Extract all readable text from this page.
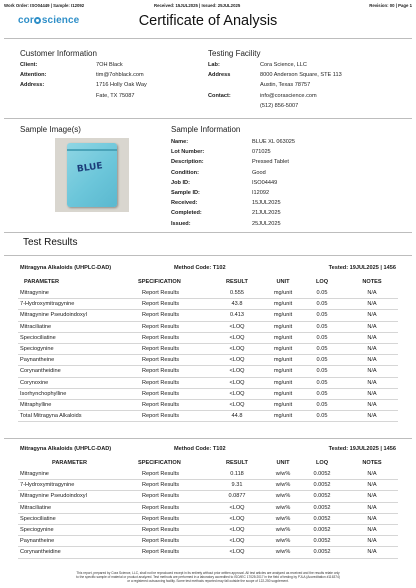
Work Order: ISO04449 | Sample: I12092	Received: 15JUL2025 | Issued: 25JUL2025	Revision: 00 | Page 1
cor science	Certificate of Analysis
Customer Information
Client:	7OH Black
Attention:	tim@7ohblack.com
Address:	1716 Holly Oak Way
Fate, TX 75087
Testing Facility
Lab:	Cora Science, LLC
Address	8000 Anderson Square, STE 113
Austin, Texas 78757
Contact:	info@corascience.com
(512) 856-5007
Sample Image(s)
BLUE
Sample Information
Name:	BLUE XL 063025
Lot Number:	071025
Description:	Pressed Tablet
Condition:	Good
Job ID:	ISO04449
Sample ID:	I12092
Received:	15JUL2025
Completed:	21JUL2025
Issued:	25JUL2025
Test Results
Mitragyna Alkaloids (UHPLC-DAD)	Method Code: T102	Tested: 19JUL2025 | 1456
PARAMETER	SPECIFICATION	RESULT	UNIT	LOQ	NOTES
Mitragynine	Report Results	0.555	mg/unit	0.05	N/A
7-Hydroxymitragynine	Report Results	43.8	mg/unit	0.05	N/A
Mitragynine Pseudoindoxyl	Report Results	0.413	mg/unit	0.05	N/A
Mitraciliatine	Report Results	<LOQ	mg/unit	0.05	N/A
Speciociliatine	Report Results	<LOQ	mg/unit	0.05	N/A
Speciogynine	Report Results	<LOQ	mg/unit	0.05	N/A
Paynantheine	Report Results	<LOQ	mg/unit	0.05	N/A
Corynantheidine	Report Results	<LOQ	mg/unit	0.05	N/A
Corynoxine	Report Results	<LOQ	mg/unit	0.05	N/A
Isorhynchophylline	Report Results	<LOQ	mg/unit	0.05	N/A
Mitraphylline	Report Results	<LOQ	mg/unit	0.05	N/A
Total Mitragyna Alkaloids	Report Results	44.8	mg/unit	0.05	N/A
Mitragyna Alkaloids (UHPLC-DAD)	Method Code: T102	Tested: 19JUL2025 | 1456
PARAMETER	SPECIFICATION	RESULT	UNIT	LOQ	NOTES
Mitragynine	Report Results	0.118	w/w%	0.0052	N/A
7-Hydroxymitragynine	Report Results	9.31	w/w%	0.0052	N/A
Mitragynine Pseudoindoxyl	Report Results	0.0877	w/w%	0.0052	N/A
Mitraciliatine	Report Results	<LOQ	w/w%	0.0052	N/A
Speciociliatine	Report Results	<LOQ	w/w%	0.0052	N/A
Speciogynine	Report Results	<LOQ	w/w%	0.0052	N/A
Paynantheine	Report Results	<LOQ	w/w%	0.0052	N/A
Corynantheidine	Report Results	<LOQ	w/w%	0.0052	N/A
This report, prepared by Cora Science, LLC, shall not be reproduced except in its entirety without prior written approval. All test articles are analyzed as received and the results relate only
to the specific sample of material or product analyzed. Test methods are performed in a laboratory accredited to ISO/IEC 17025:2017 in the field of testing by PJLA (Accreditation #116374)
or a registered outsourcing facility. Some test methods reported may fall outside the scope of 122-250 supplement.
